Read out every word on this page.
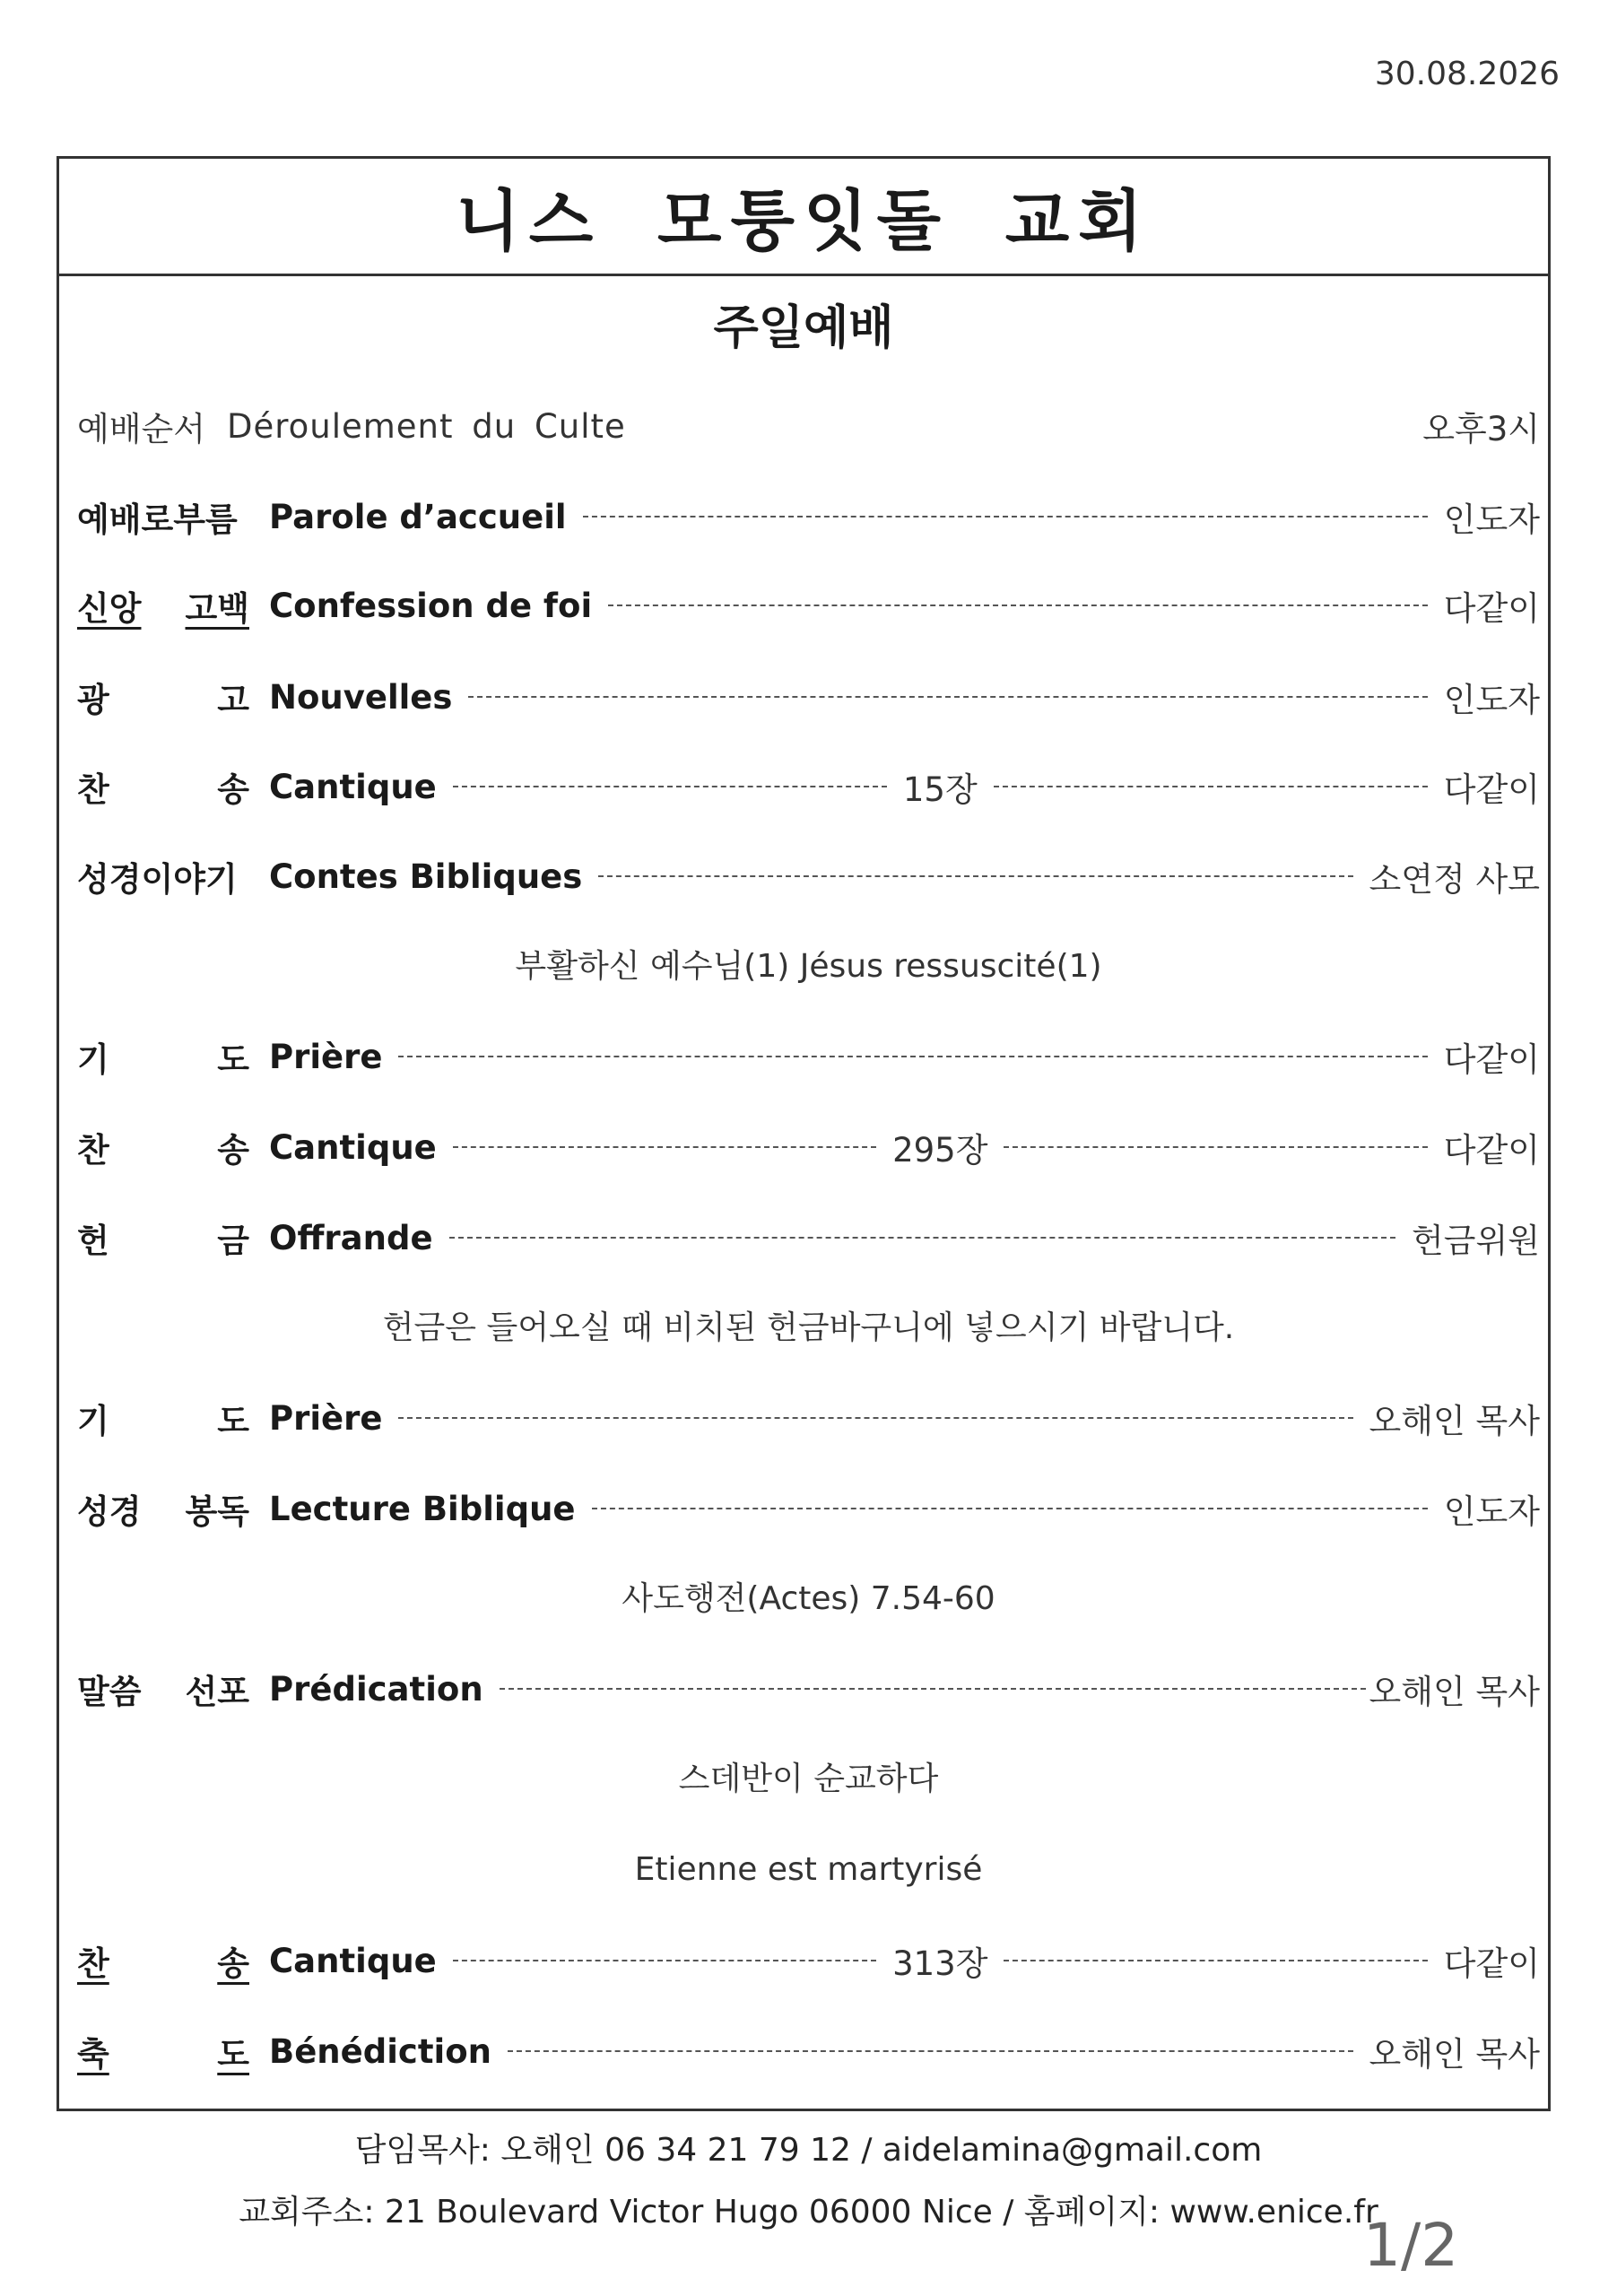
30.08.2026
니스 모퉁잇돌 교회
주일예배
예배순서 Déroulement du Culte	오후3시
예배로부름 Parole d’accueil	인도자
신앙 고백 Confession de foi	다같이
광	고 Nouvelles	인도자
찬	송 Cantique	15장	다같이
성경이야기 Contes Bibliques	소연정 사모
부활하신 예수님(1) Jésus ressuscité(1)
기	도 Prière	다같이
찬	송 Cantique	295장	다같이
헌	금 Offrande	헌금위원
헌금은 들어오실 때 비치된 헌금바구니에 넣으시기 바랍니다.
기	도 Prière	오해인 목사
성경 봉독 Lecture Biblique	인도자
사도행전(Actes) 7.54-60
말씀 선포 Prédication	오해인 목사
스데반이 순교하다
Etienne est martyrisé
찬	송 Cantique	313장	다같이
축	도 Bénédiction	오해인 목사
담임목사: 오해인 06 34 21 79 12 / aidelamina@gmail.com
교회주소: 21 Boulevard Victor Hugo 06000 Nice / 홈페이지: www.enice.fr
1/2
